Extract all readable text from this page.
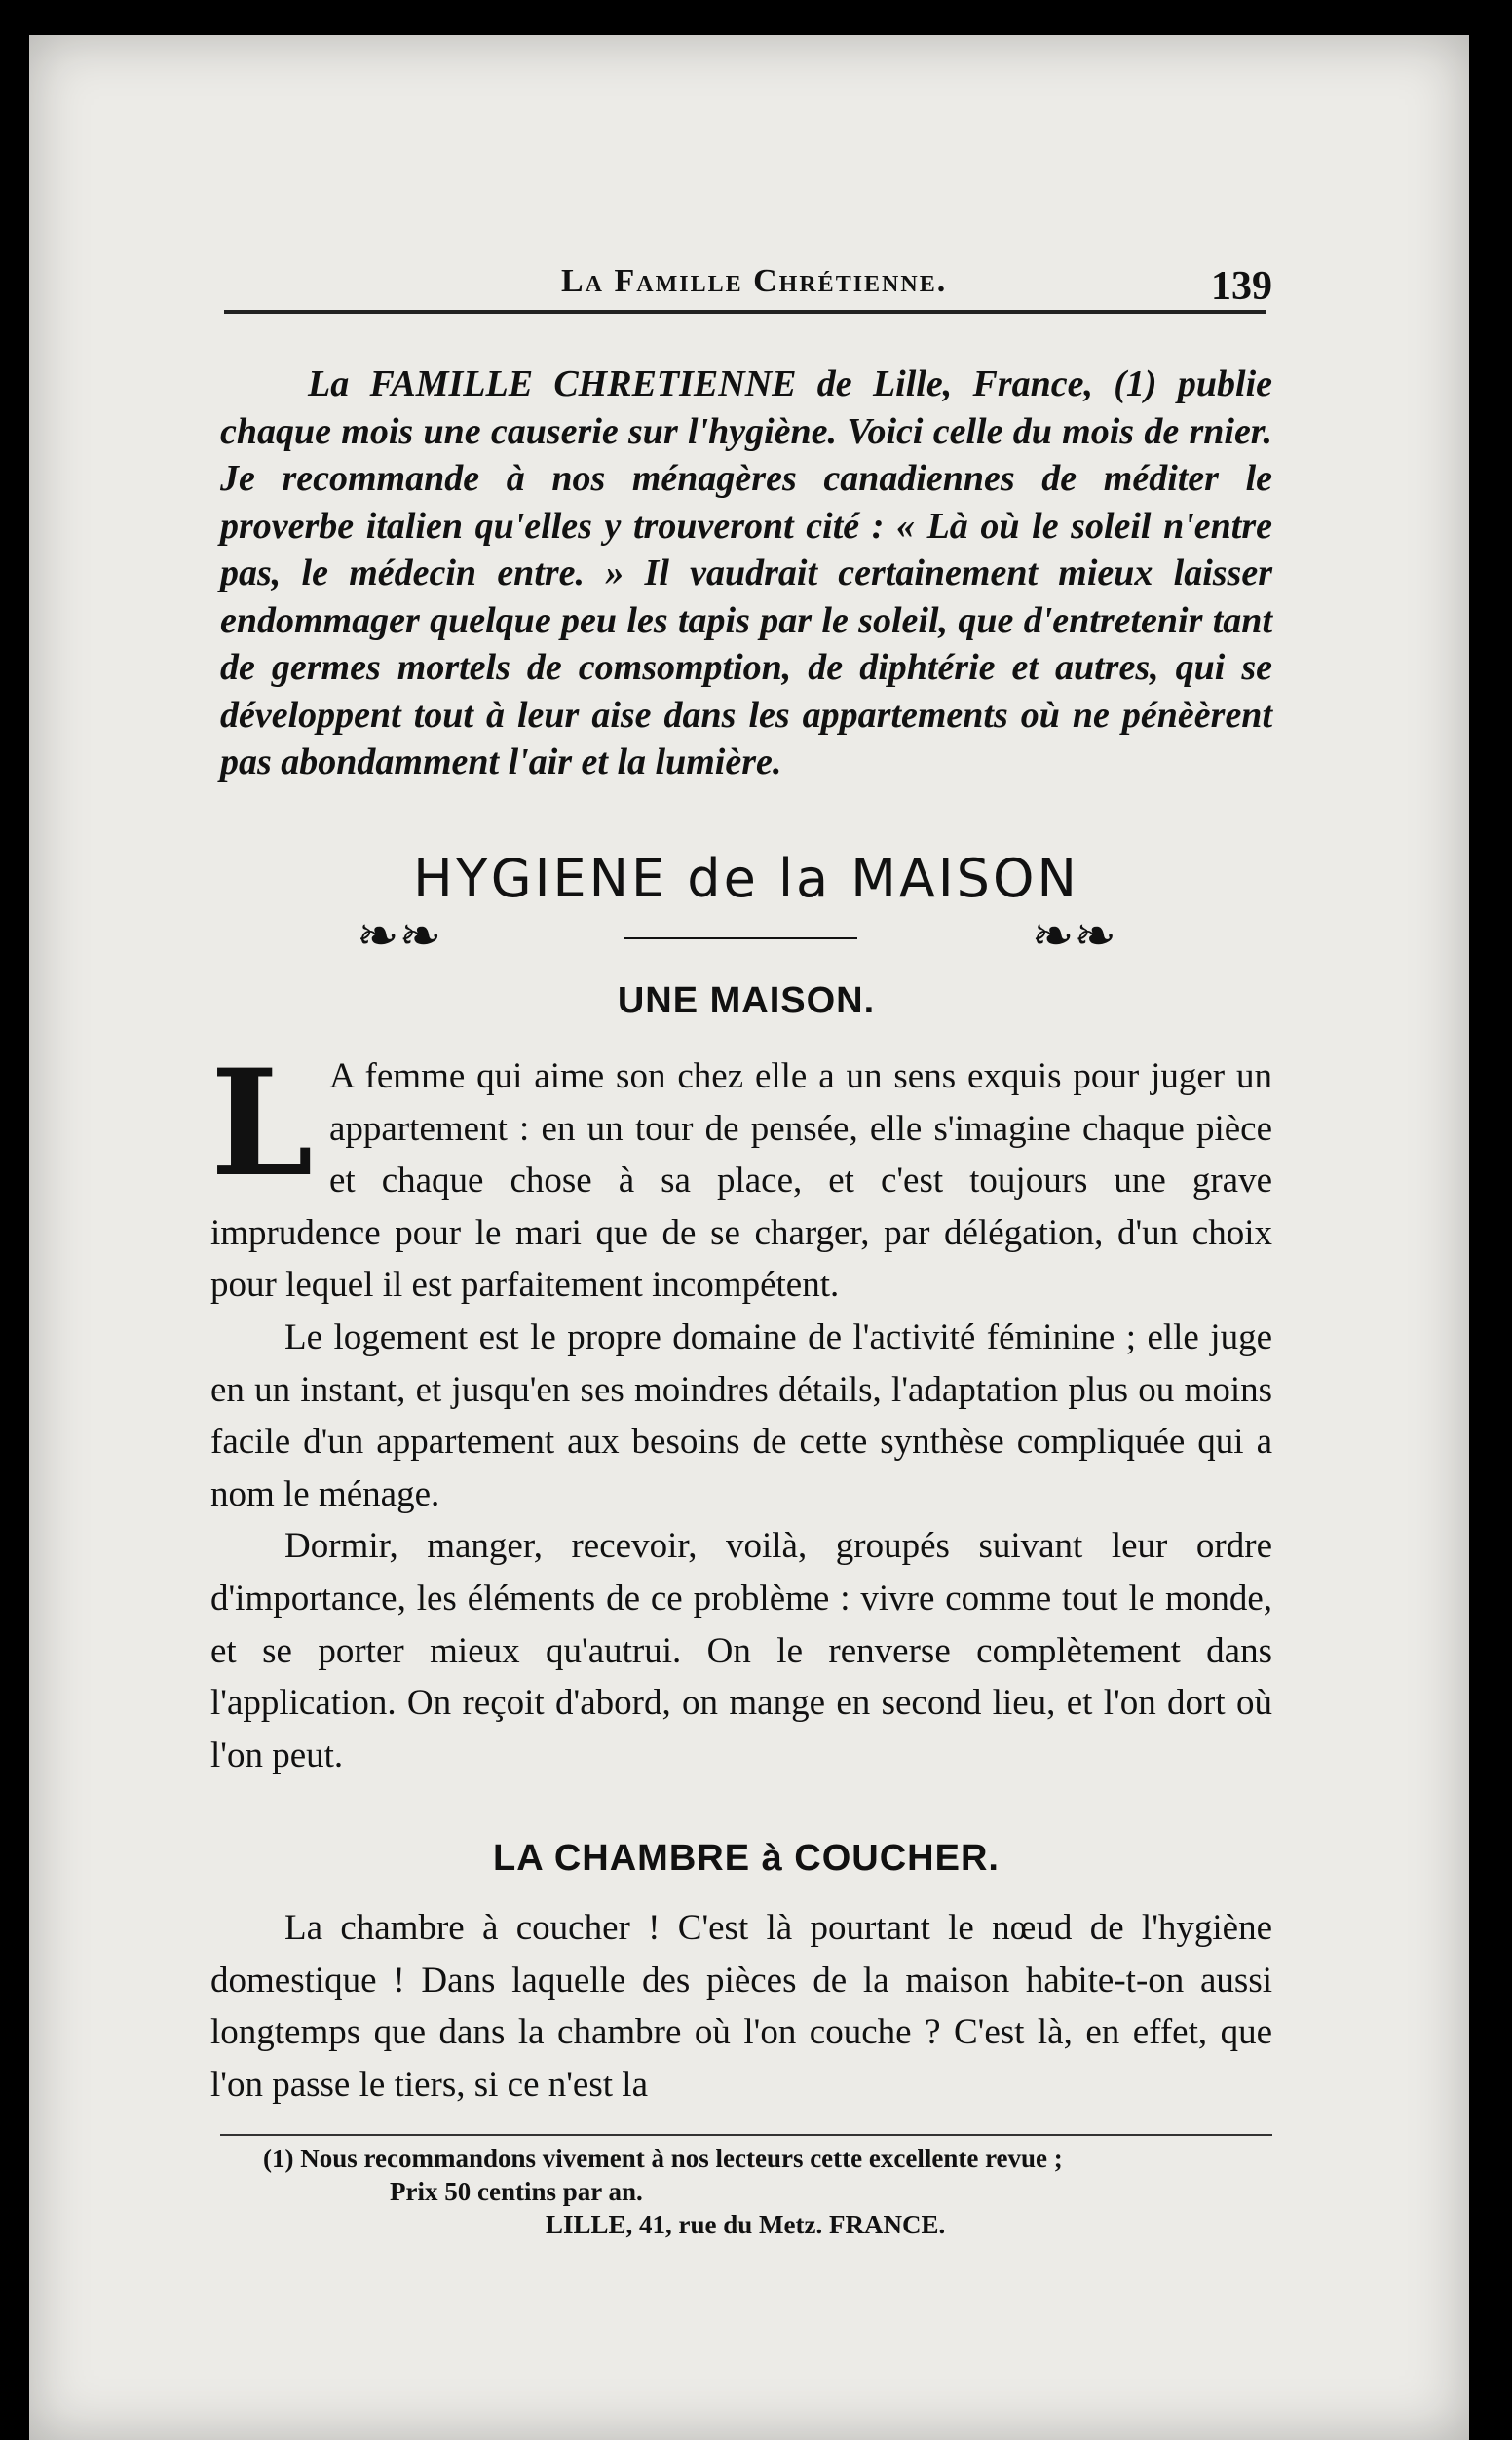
La Famille Chrétienne.	139

La FAMILLE CHRETIENNE de Lille, France, (1) publie chaque mois une causerie sur l'hygiène. Voici celle du mois de rnier. Je recommande à nos ménagères canadiennes de méditer le proverbe italien qu'elles y trouveront cité : « Là où le soleil n'entre pas, le médecin entre. » Il vaudrait certainement mieux laisser endommager quelque peu les tapis par le soleil, que d'entretenir tant de germes mortels de comsomption, de diphtérie et autres, qui se développent tout à leur aise dans les appartements où ne pénèèrent pas abondamment l'air et la lumière.

HYGIENE de la MAISON
❧❧	❧❧
UNE MAISON.

LA femme qui aime son chez elle a un sens exquis pour juger un appartement : en un tour de pensée, elle s'imagine chaque pièce et chaque chose à sa place, et c'est toujours une grave imprudence pour le mari que de se charger, par délégation, d'un choix pour lequel il est parfaitement incompétent.

Le logement est le propre domaine de l'activité féminine ; elle juge en un instant, et jusqu'en ses moindres détails, l'adaptation plus ou moins facile d'un appartement aux besoins de cette synthèse compliquée qui a nom le ménage.

Dormir, manger, recevoir, voilà, groupés suivant leur ordre d'importance, les éléments de ce problème : vivre comme tout le monde, et se porter mieux qu'autrui. On le renverse complètement dans l'application. On reçoit d'abord, on mange en second lieu, et l'on dort où l'on peut.

LA CHAMBRE à COUCHER.

La chambre à coucher ! C'est là pourtant le nœud de l'hygiène domestique ! Dans laquelle des pièces de la maison habite-t-on aussi longtemps que dans la chambre où l'on couche ? C'est là, en effet, que l'on passe le tiers, si ce n'est la

(1) Nous recommandons vivement à nos lecteurs cette excellente revue ;
Prix 50 centins par an.
LILLE, 41, rue du Metz. FRANCE.
